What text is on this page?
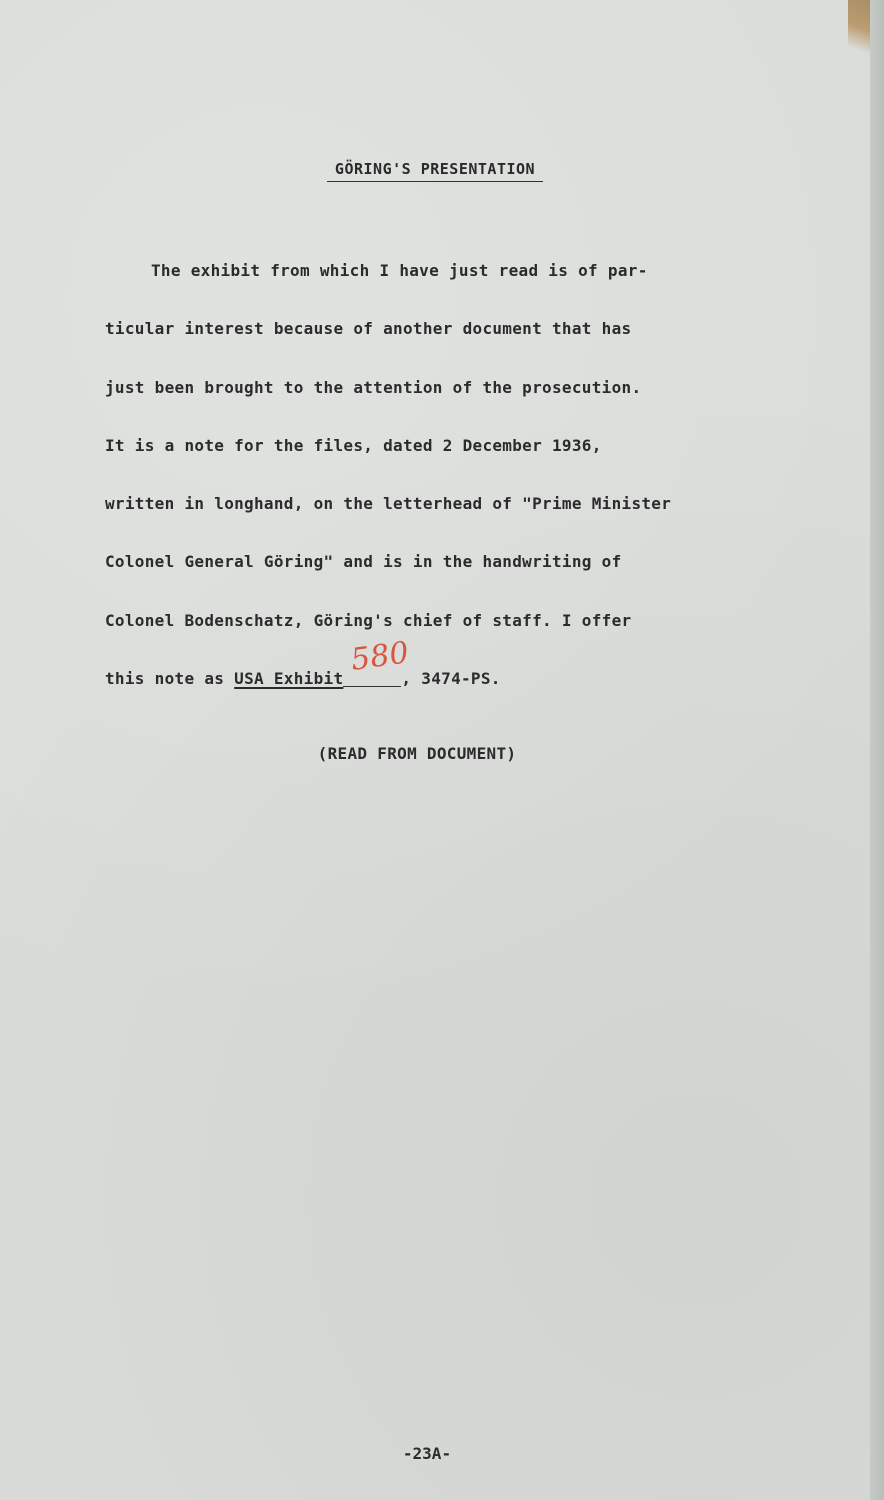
GÖRING'S PRESENTATION
The exhibit from which I have just read is of par-
ticular interest because of another document that has
just been brought to the attention of the prosecution.
It is a note for the files, dated 2 December 1936,
written in longhand, on the letterhead of "Prime Minister
Colonel General Göring" and is in the handwriting of
Colonel Bodenschatz, Göring's chief of staff. I offer
this note as USA Exhibit
580
, 3474-PS.
(READ FROM DOCUMENT)
-23A-
